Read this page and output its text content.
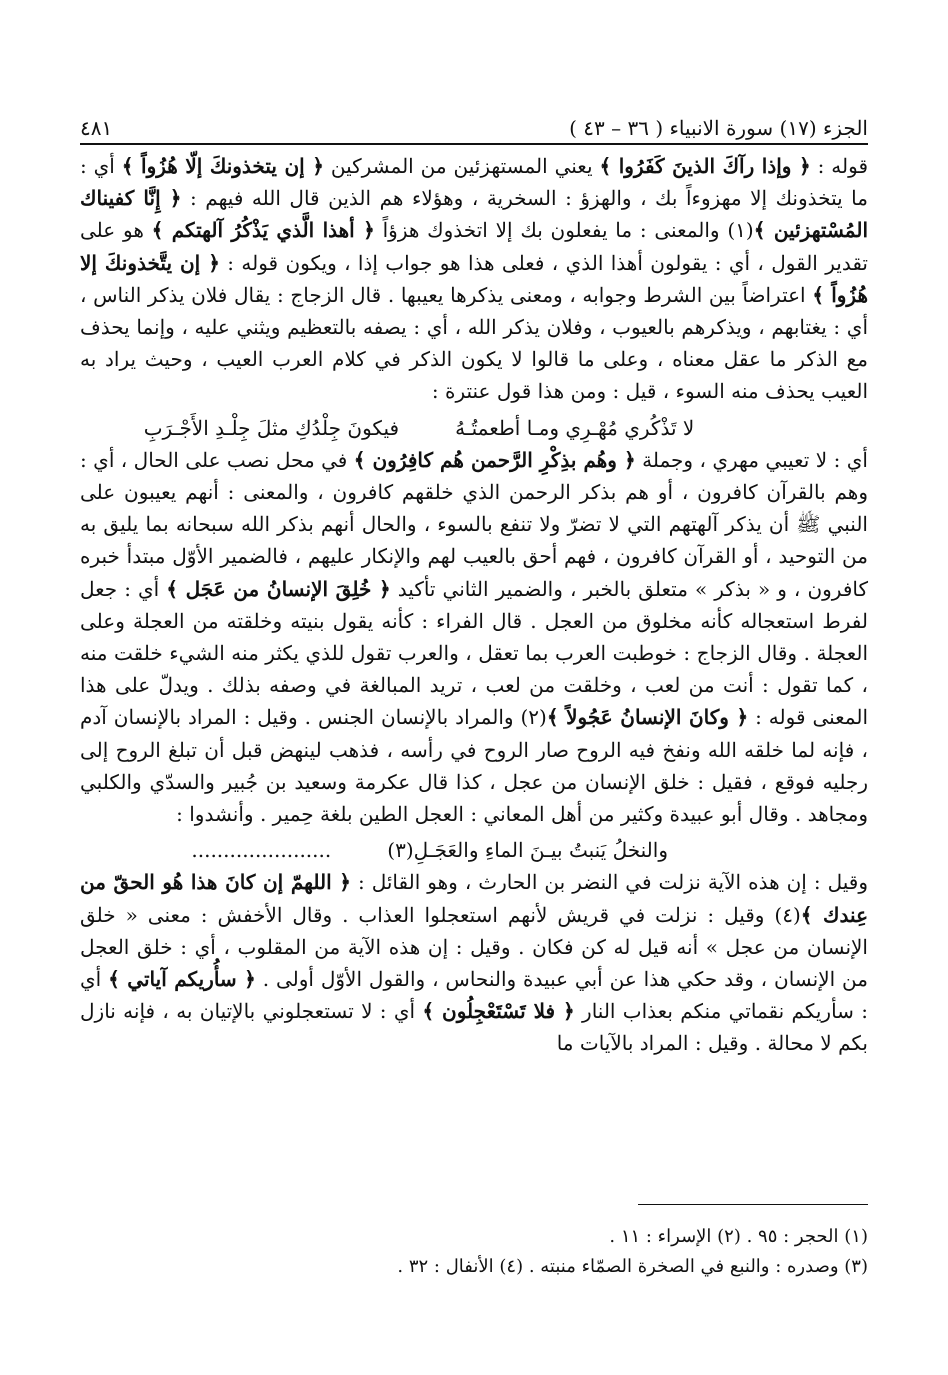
الجزء (١٧) سورة الانبياء ( ٣٦ – ٤٣ )
٤٨١

قوله : ﴿ وإذا رآكَ الذينَ كَفَرُوا ﴾ يعني المستهزئين من المشركين ﴿ إن يتخذونكَ إلّا هُزُواً ﴾ أي : ما يتخذونك إلا مهزوءاً بك ، والهزؤ : السخرية ، وهؤلاء هم الذين قال الله فيهم : ﴿ إِنَّا كفيناك المُسْتهزئين ﴾(١) والمعنى : ما يفعلون بك إلا اتخذوك هزؤاً ﴿ أهذا الَّذي يَذْكُرُ آلهتكم ﴾ هو على تقدير القول ، أي : يقولون أهذا الذي ، فعلى هذا هو جواب إذا ، ويكون قوله : ﴿ إن يتَّخذونكَ إلا هُزُواً ﴾ اعتراضاً بين الشرط وجوابه ، ومعنى يذكرها يعيبها . قال الزجاج : يقال فلان يذكر الناس ، أي : يغتابهم ، ويذكرهم بالعيوب ، وفلان يذكر الله ، أي : يصفه بالتعظيم ويثني عليه ، وإنما يحذف مع الذكر ما عقل معناه ، وعلى ما قالوا لا يكون الذكر في كلام العرب العيب ، وحيث يراد به العيب يحذف منه السوء ، قيل : ومن هذا قول عنترة :

لا تَذْكُري مُهْـرِي ومـا أطعمتُـهُ
فيكونَ جِلْدُكِ مثلَ جِلْـدِ الأَجْـرَبِ

أي : لا تعيبي مهري ، وجملة ﴿ وهُم بذِكْرِ الرَّحمن هُم كافِرُون ﴾ في محل نصب على الحال ، أي : وهم بالقرآن كافرون ، أو هم بذكر الرحمن الذي خلقهم كافرون ، والمعنى : أنهم يعيبون على النبي ﷺ أن يذكر آلهتهم التي لا تضرّ ولا تنفع بالسوء ، والحال أنهم بذكر الله سبحانه بما يليق به من التوحيد ، أو القرآن كافرون ، فهم أحق بالعيب لهم والإنكار عليهم ، فالضمير الأوّل مبتدأ خبره كافرون ، و « بذكر » متعلق بالخبر ، والضمير الثاني تأكيد ﴿ خُلِقَ الإنسانُ من عَجَل ﴾ أي : جعل لفرط استعجاله كأنه مخلوق من العجل . قال الفراء : كأنه يقول بنيته وخلقته من العجلة وعلى العجلة . وقال الزجاج : خوطبت العرب بما تعقل ، والعرب تقول للذي يكثر منه الشيء خلقت منه ، كما تقول : أنت من لعب ، وخلقت من لعب ، تريد المبالغة في وصفه بذلك . ويدلّ على هذا المعنى قوله : ﴿ وكانَ الإنسانُ عَجُولاً ﴾(٢) والمراد بالإنسان الجنس . وقيل : المراد بالإنسان آدم ، فإنه لما خلقه الله ونفخ فيه الروح صار الروح في رأسه ، فذهب لينهض قبل أن تبلغ الروح إلى رجليه فوقع ، فقيل : خلق الإنسان من عجل ، كذا قال عكرمة وسعيد بن جُبير والسدّي والكلبي ومجاهد . وقال أبو عبيدة وكثير من أهل المعاني : العجل الطين بلغة حِمير . وأنشدوا :

والنخلُ يَنبتُ بيـنَ الماءِ والعَجَـلِ(٣)
......................

وقيل : إن هذه الآية نزلت في النضر بن الحارث ، وهو القائل : ﴿ اللهمّ إن كانَ هذا هُو الحقّ من عِندك ﴾(٤) وقيل : نزلت في قريش لأنهم استعجلوا العذاب . وقال الأخفش : معنى « خلق الإنسان من عجل » أنه قيل له كن فكان . وقيل : إن هذه الآية من المقلوب ، أي : خلق العجل من الإنسان ، وقد حكي هذا عن أبي عبيدة والنحاس ، والقول الأوّل أولى . ﴿ سأُريكم آياتي ﴾ أي : سأريكم نقماتي منكم بعذاب النار ﴿ فلا تَسْتَعْجِلُون ﴾ أي : لا تستعجلوني بالإتيان به ، فإنه نازل بكم لا محالة . وقيل : المراد بالآيات ما

(١) الحجر : ٩٥ . (٢) الإسراء : ١١ .

(٣) وصدره : والنبع في الصخرة الصمّاء منبته . (٤) الأنفال : ٣٢ .
